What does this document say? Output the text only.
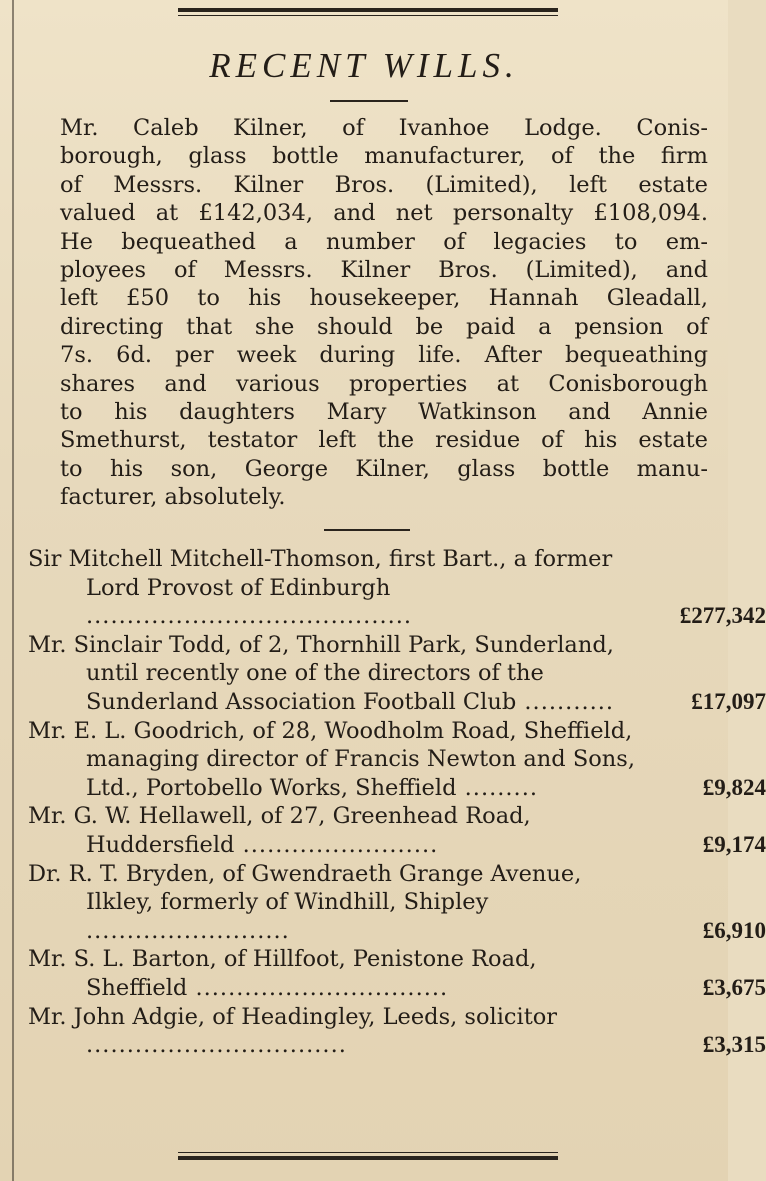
RECENT WILLS.
Mr. Caleb Kilner, of Ivanhoe Lodge. Conis-
borough, glass bottle manufacturer, of the firm
of Messrs. Kilner Bros. (Limited), left estate
valued at £142,034, and net personalty £108,094.
He bequeathed a number of legacies to em-
ployees of Messrs. Kilner Bros. (Limited), and
left £50 to his housekeeper, Hannah Gleadall,
directing that she should be paid a pension of
7s. 6d. per week during life. After bequeathing
shares and various properties at Conisborough
to his daughters Mary Watkinson and Annie
Smethurst, testator left the residue of his estate
to his son, George Kilner, glass bottle manu-
facturer, absolutely.
Sir Mitchell Mitchell-Thomson, first Bart., a former Lord Provost of Edinburgh ........................................	£277,342
Mr. Sinclair Todd, of 2, Thornhill Park, Sunderland, until recently one of the directors of the Sunderland Association Football Club ...........	£17,097
Mr. E. L. Goodrich, of 28, Woodholm Road, Sheffield, managing director of Francis Newton and Sons, Ltd., Portobello Works, Sheffield .........	£9,824
Mr. G. W. Hellawell, of 27, Greenhead Road, Huddersfield ........................	£9,174
Dr. R. T. Bryden, of Gwendraeth Grange Avenue, Ilkley, formerly of Windhill, Shipley .........................	£6,910
Mr. S. L. Barton, of Hillfoot, Penistone Road, Sheffield ...............................	£3,675
Mr. John Adgie, of Headingley, Leeds, solicitor ................................	£3,315
